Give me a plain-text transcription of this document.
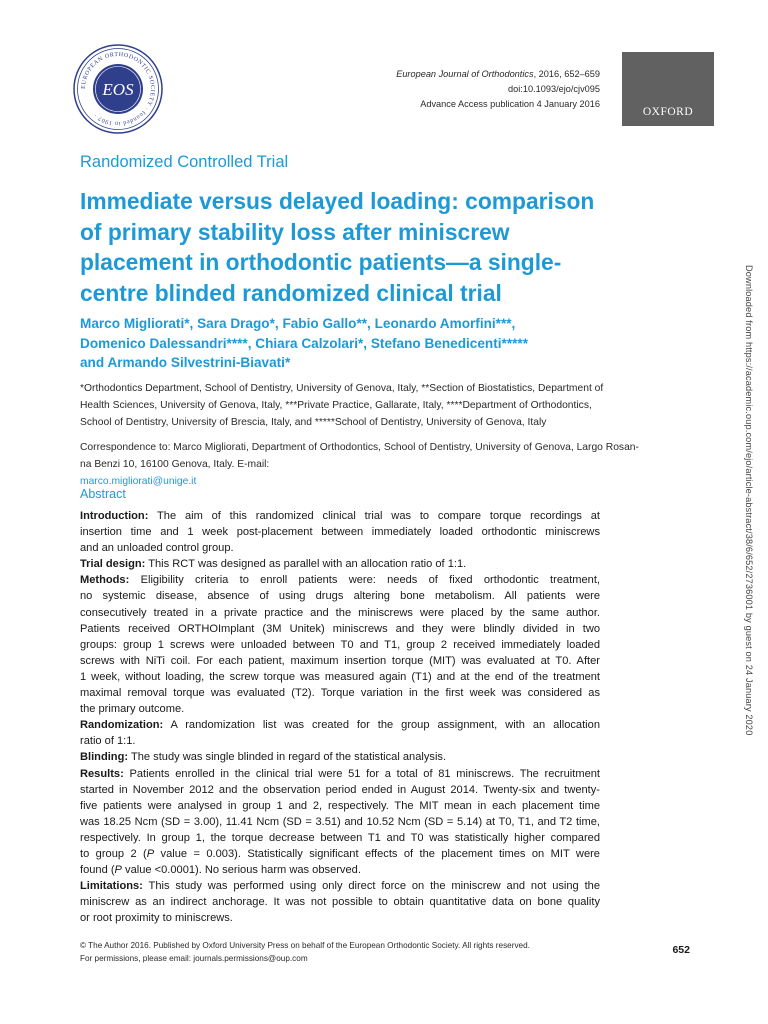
EUROPEAN ORTHODONTIC SOCIETY · founded in 1907 ·
EOS
European Journal of Orthodontics, 2016, 652–659
doi:10.1093/ejo/cjv095
Advance Access publication 4 January 2016
OXFORD
Randomized Controlled Trial
Immediate versus delayed loading: comparison
of primary stability loss after miniscrew
placement in orthodontic patients—a single-
centre blinded randomized clinical trial
Marco Migliorati*, Sara Drago*, Fabio Gallo**, Leonardo Amorfini***,
Domenico Dalessandri****, Chiara Calzolari*, Stefano Benedicenti*****
and Armando Silvestrini-Biavati*
*Orthodontics Department, School of Dentistry, University of Genova, Italy, **Section of Biostatistics, Department of
Health Sciences, University of Genova, Italy, ***Private Practice, Gallarate, Italy, ****Department of Orthodontics,
School of Dentistry, University of Brescia, Italy, and *****School of Dentistry, University of Genova, Italy
Correspondence to: Marco Migliorati, Department of Orthodontics, School of Dentistry, University of Genova, Largo Rosan-
na Benzi 10, 16100 Genova, Italy. E-mail:
marco.migliorati@unige.it
Abstract
Introduction: The aim of this randomized clinical trial was to compare torque recordings at
insertion time and 1 week post-placement between immediately loaded orthodontic miniscrews
and an unloaded control group.
Trial design: This RCT was designed as parallel with an allocation ratio of 1:1.
Methods: Eligibility criteria to enroll patients were: needs of fixed orthodontic treatment,
no systemic disease, absence of using drugs altering bone metabolism. All patients were
consecutively treated in a private practice and the miniscrews were placed by the same author.
Patients received ORTHOImplant (3M Unitek) miniscrews and they were blindly divided in two
groups: group 1 screws were unloaded between T0 and T1, group 2 received immediately loaded
screws with NiTi coil. For each patient, maximum insertion torque (MIT) was evaluated at T0. After
1 week, without loading, the screw torque was measured again (T1) and at the end of the treatment
maximal removal torque was evaluated (T2). Torque variation in the first week was considered as
the primary outcome.
Randomization: A randomization list was created for the group assignment, with an allocation
ratio of 1:1.
Blinding: The study was single blinded in regard of the statistical analysis.
Results: Patients enrolled in the clinical trial were 51 for a total of 81 miniscrews. The recruitment
started in November 2012 and the observation period ended in August 2014. Twenty-six and twenty-
five patients were analysed in group 1 and 2, respectively. The MIT mean in each placement time
was 18.25 Ncm (SD = 3.00), 11.41 Ncm (SD = 3.51) and 10.52 Ncm (SD = 5.14) at T0, T1, and T2 time,
respectively. In group 1, the torque decrease between T1 and T0 was statistically higher compared
to group 2 (P value = 0.003). Statistically significant effects of the placement times on MIT were
found (P value <0.0001). No serious harm was observed.
Limitations: This study was performed using only direct force on the miniscrew and not using the
miniscrew as an indirect anchorage. It was not possible to obtain quantitative data on bone quality
or root proximity to miniscrews.
© The Author 2016. Published by Oxford University Press on behalf of the European Orthodontic Society. All rights reserved.
For permissions, please email: journals.permissions@oup.com
652
Downloaded from https://academic.oup.com/ejo/article-abstract/38/6/652/2736001 by guest on 24 January 2020
